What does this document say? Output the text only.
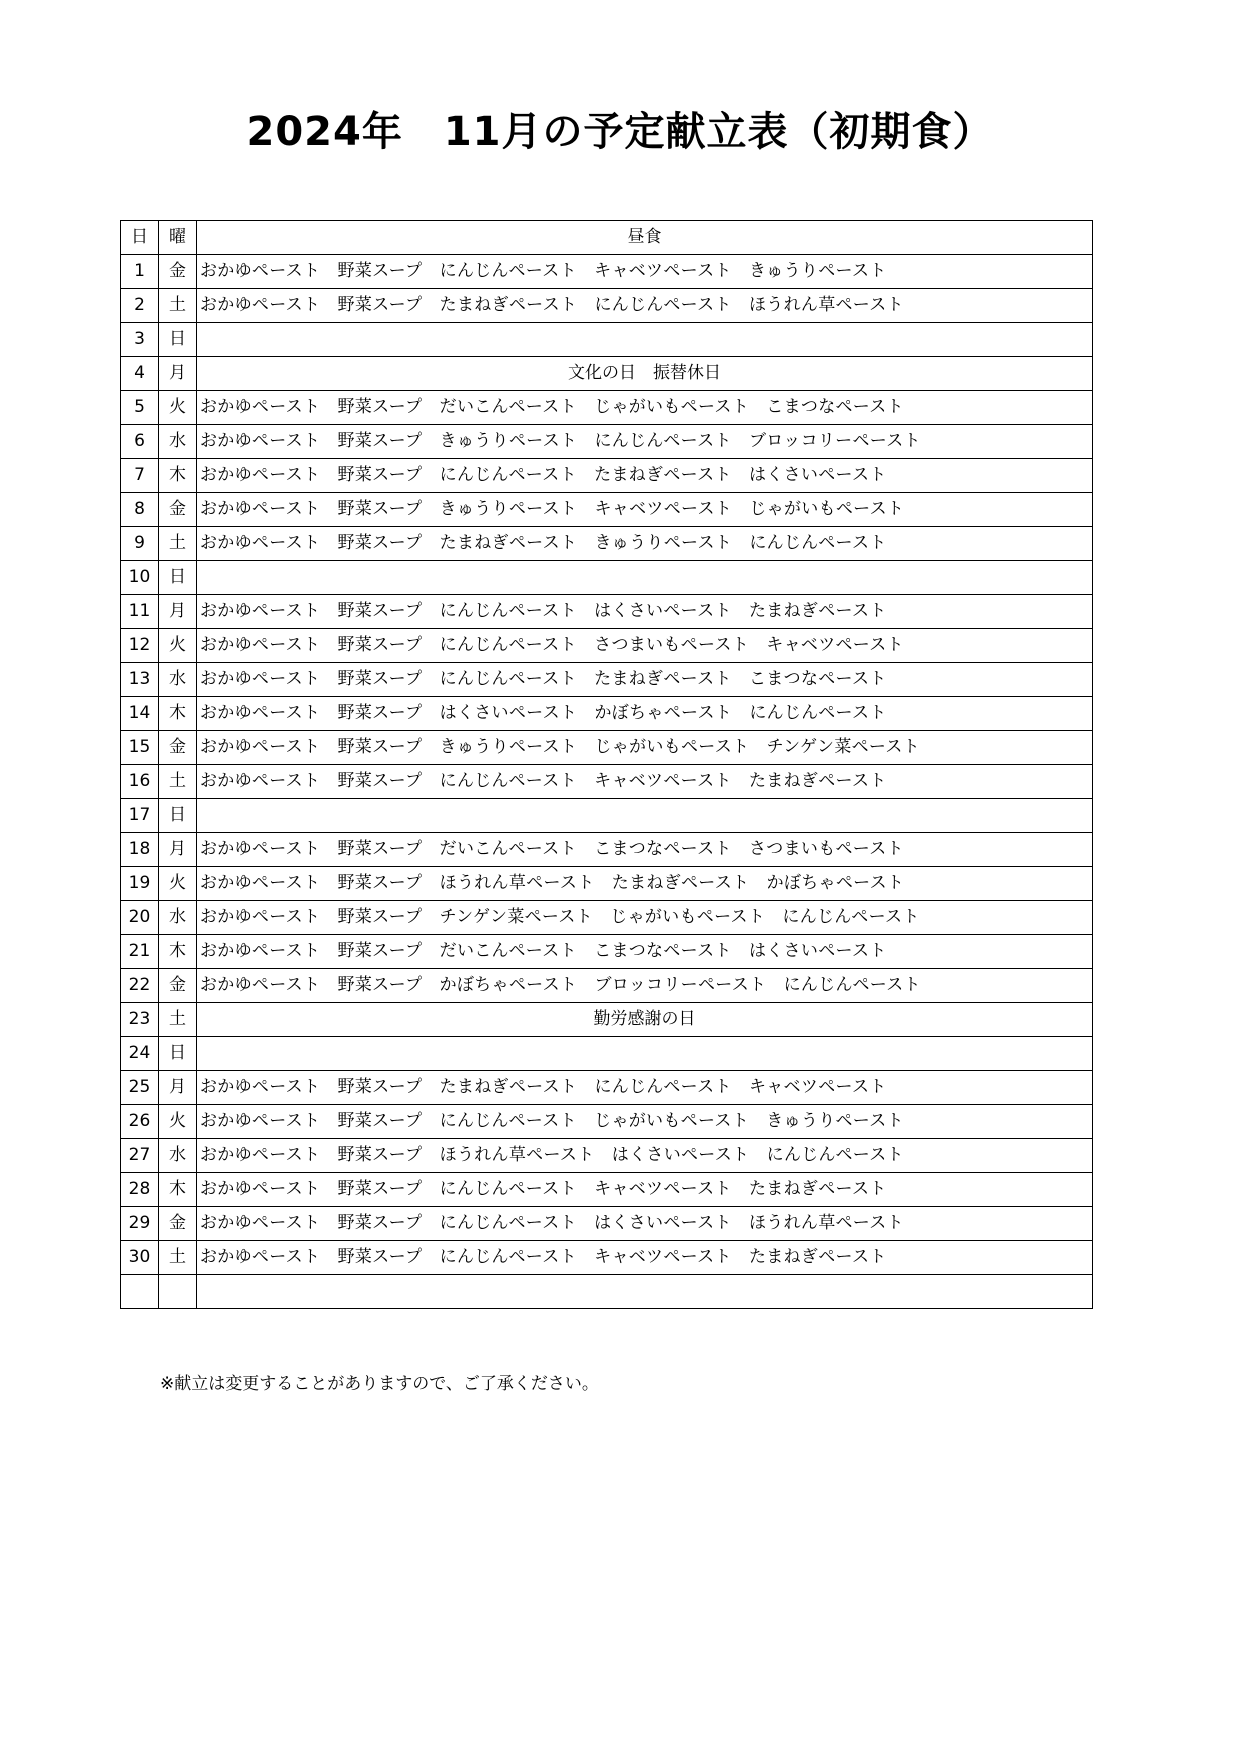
2024年　11月の予定献立表（初期食）
日	曜	昼食
1	金	おかゆペースト　野菜スープ　にんじんペースト　キャベツペースト　きゅうりペースト
2	土	おかゆペースト　野菜スープ　たまねぎペースト　にんじんペースト　ほうれん草ペースト
3	日	
4	月	文化の日　振替休日
5	火	おかゆペースト　野菜スープ　だいこんペースト　じゃがいもペースト　こまつなペースト
6	水	おかゆペースト　野菜スープ　きゅうりペースト　にんじんペースト　ブロッコリーペースト
7	木	おかゆペースト　野菜スープ　にんじんペースト　たまねぎペースト　はくさいペースト
8	金	おかゆペースト　野菜スープ　きゅうりペースト　キャベツペースト　じゃがいもペースト
9	土	おかゆペースト　野菜スープ　たまねぎペースト　きゅうりペースト　にんじんペースト
10	日	
11	月	おかゆペースト　野菜スープ　にんじんペースト　はくさいペースト　たまねぎペースト
12	火	おかゆペースト　野菜スープ　にんじんペースト　さつまいもペースト　キャベツペースト
13	水	おかゆペースト　野菜スープ　にんじんペースト　たまねぎペースト　こまつなペースト
14	木	おかゆペースト　野菜スープ　はくさいペースト　かぼちゃペースト　にんじんペースト
15	金	おかゆペースト　野菜スープ　きゅうりペースト　じゃがいもペースト　チンゲン菜ペースト
16	土	おかゆペースト　野菜スープ　にんじんペースト　キャベツペースト　たまねぎペースト
17	日	
18	月	おかゆペースト　野菜スープ　だいこんペースト　こまつなペースト　さつまいもペースト
19	火	おかゆペースト　野菜スープ　ほうれん草ペースト　たまねぎペースト　かぼちゃペースト
20	水	おかゆペースト　野菜スープ　チンゲン菜ペースト　じゃがいもペースト　にんじんペースト
21	木	おかゆペースト　野菜スープ　だいこんペースト　こまつなペースト　はくさいペースト
22	金	おかゆペースト　野菜スープ　かぼちゃペースト　ブロッコリーペースト　にんじんペースト
23	土	勤労感謝の日
24	日	
25	月	おかゆペースト　野菜スープ　たまねぎペースト　にんじんペースト　キャベツペースト
26	火	おかゆペースト　野菜スープ　にんじんペースト　じゃがいもペースト　きゅうりペースト
27	水	おかゆペースト　野菜スープ　ほうれん草ペースト　はくさいペースト　にんじんペースト
28	木	おかゆペースト　野菜スープ　にんじんペースト　キャベツペースト　たまねぎペースト
29	金	おかゆペースト　野菜スープ　にんじんペースト　はくさいペースト　ほうれん草ペースト
30	土	おかゆペースト　野菜スープ　にんじんペースト　キャベツペースト　たまねぎペースト

※献立は変更することがありますので、ご了承ください。
